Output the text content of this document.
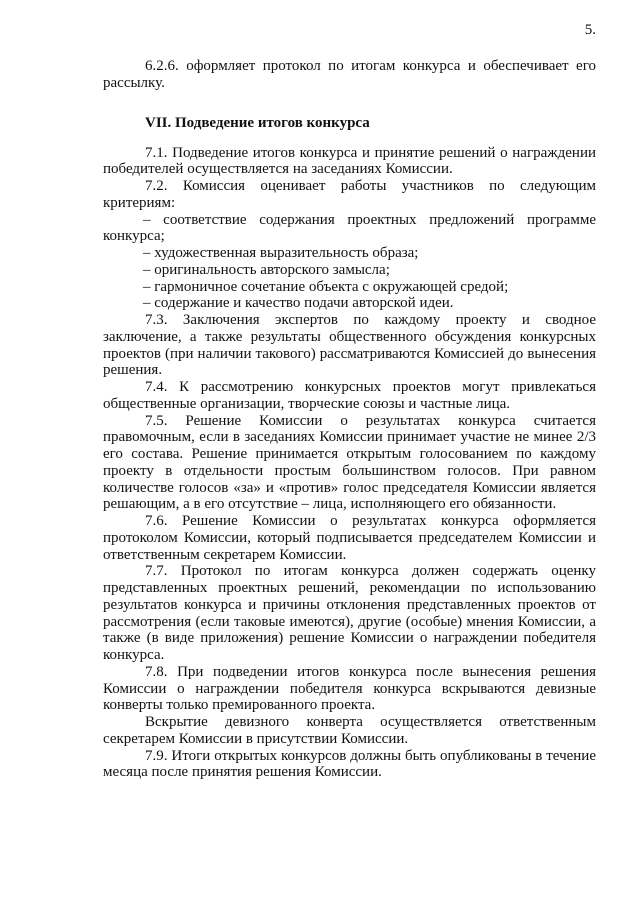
5.

6.2.6. оформляет протокол по итогам конкурса и обеспечивает его рассылку.

VII. Подведение итогов конкурса

7.1. Подведение итогов конкурса и принятие решений о награждении победителей осуществляется на заседаниях Комиссии.

7.2. Комиссия оценивает работы участников по следующим критериям:

– соответствие содержания проектных предложений программе конкурса;

– художественная выразительность образа;

– оригинальность авторского замысла;

– гармоничное сочетание объекта с окружающей средой;

– содержание и качество подачи авторской идеи.

7.3. Заключения экспертов по каждому проекту и сводное заключение, а также результаты общественного обсуждения конкурсных проектов (при наличии такового) рассматриваются Комиссией до вынесения решения.

7.4. К рассмотрению конкурсных проектов могут привлекаться общественные организации, творческие союзы и частные лица.

7.5. Решение Комиссии о результатах конкурса считается правомочным, если в заседаниях Комиссии принимает участие не минее 2/3 его состава. Решение принимается открытым голосованием по каждому проекту в отдельности простым большинством голосов. При равном количестве голосов «за» и «против» голос председателя Комиссии является решающим, а в его отсутствие – лица, исполняющего его обязанности.

7.6. Решение Комиссии о результатах конкурса оформляется протоколом Комиссии, который подписывается председателем Комиссии и ответственным секретарем Комиссии.

7.7. Протокол по итогам конкурса должен содержать оценку представленных проектных решений, рекомендации по использованию результатов конкурса и причины отклонения представленных проектов от рассмотрения (если таковые имеются), другие (особые) мнения Комиссии, а также (в виде приложения) решение Комиссии о награждении победителя конкурса.

7.8. При подведении итогов конкурса после вынесения решения Комиссии о награждении победителя конкурса вскрываются девизные конверты только премированного проекта.

Вскрытие девизного конверта осуществляется ответственным секретарем Комиссии в присутствии Комиссии.

7.9. Итоги открытых конкурсов должны быть опубликованы в течение месяца после принятия решения Комиссии.
